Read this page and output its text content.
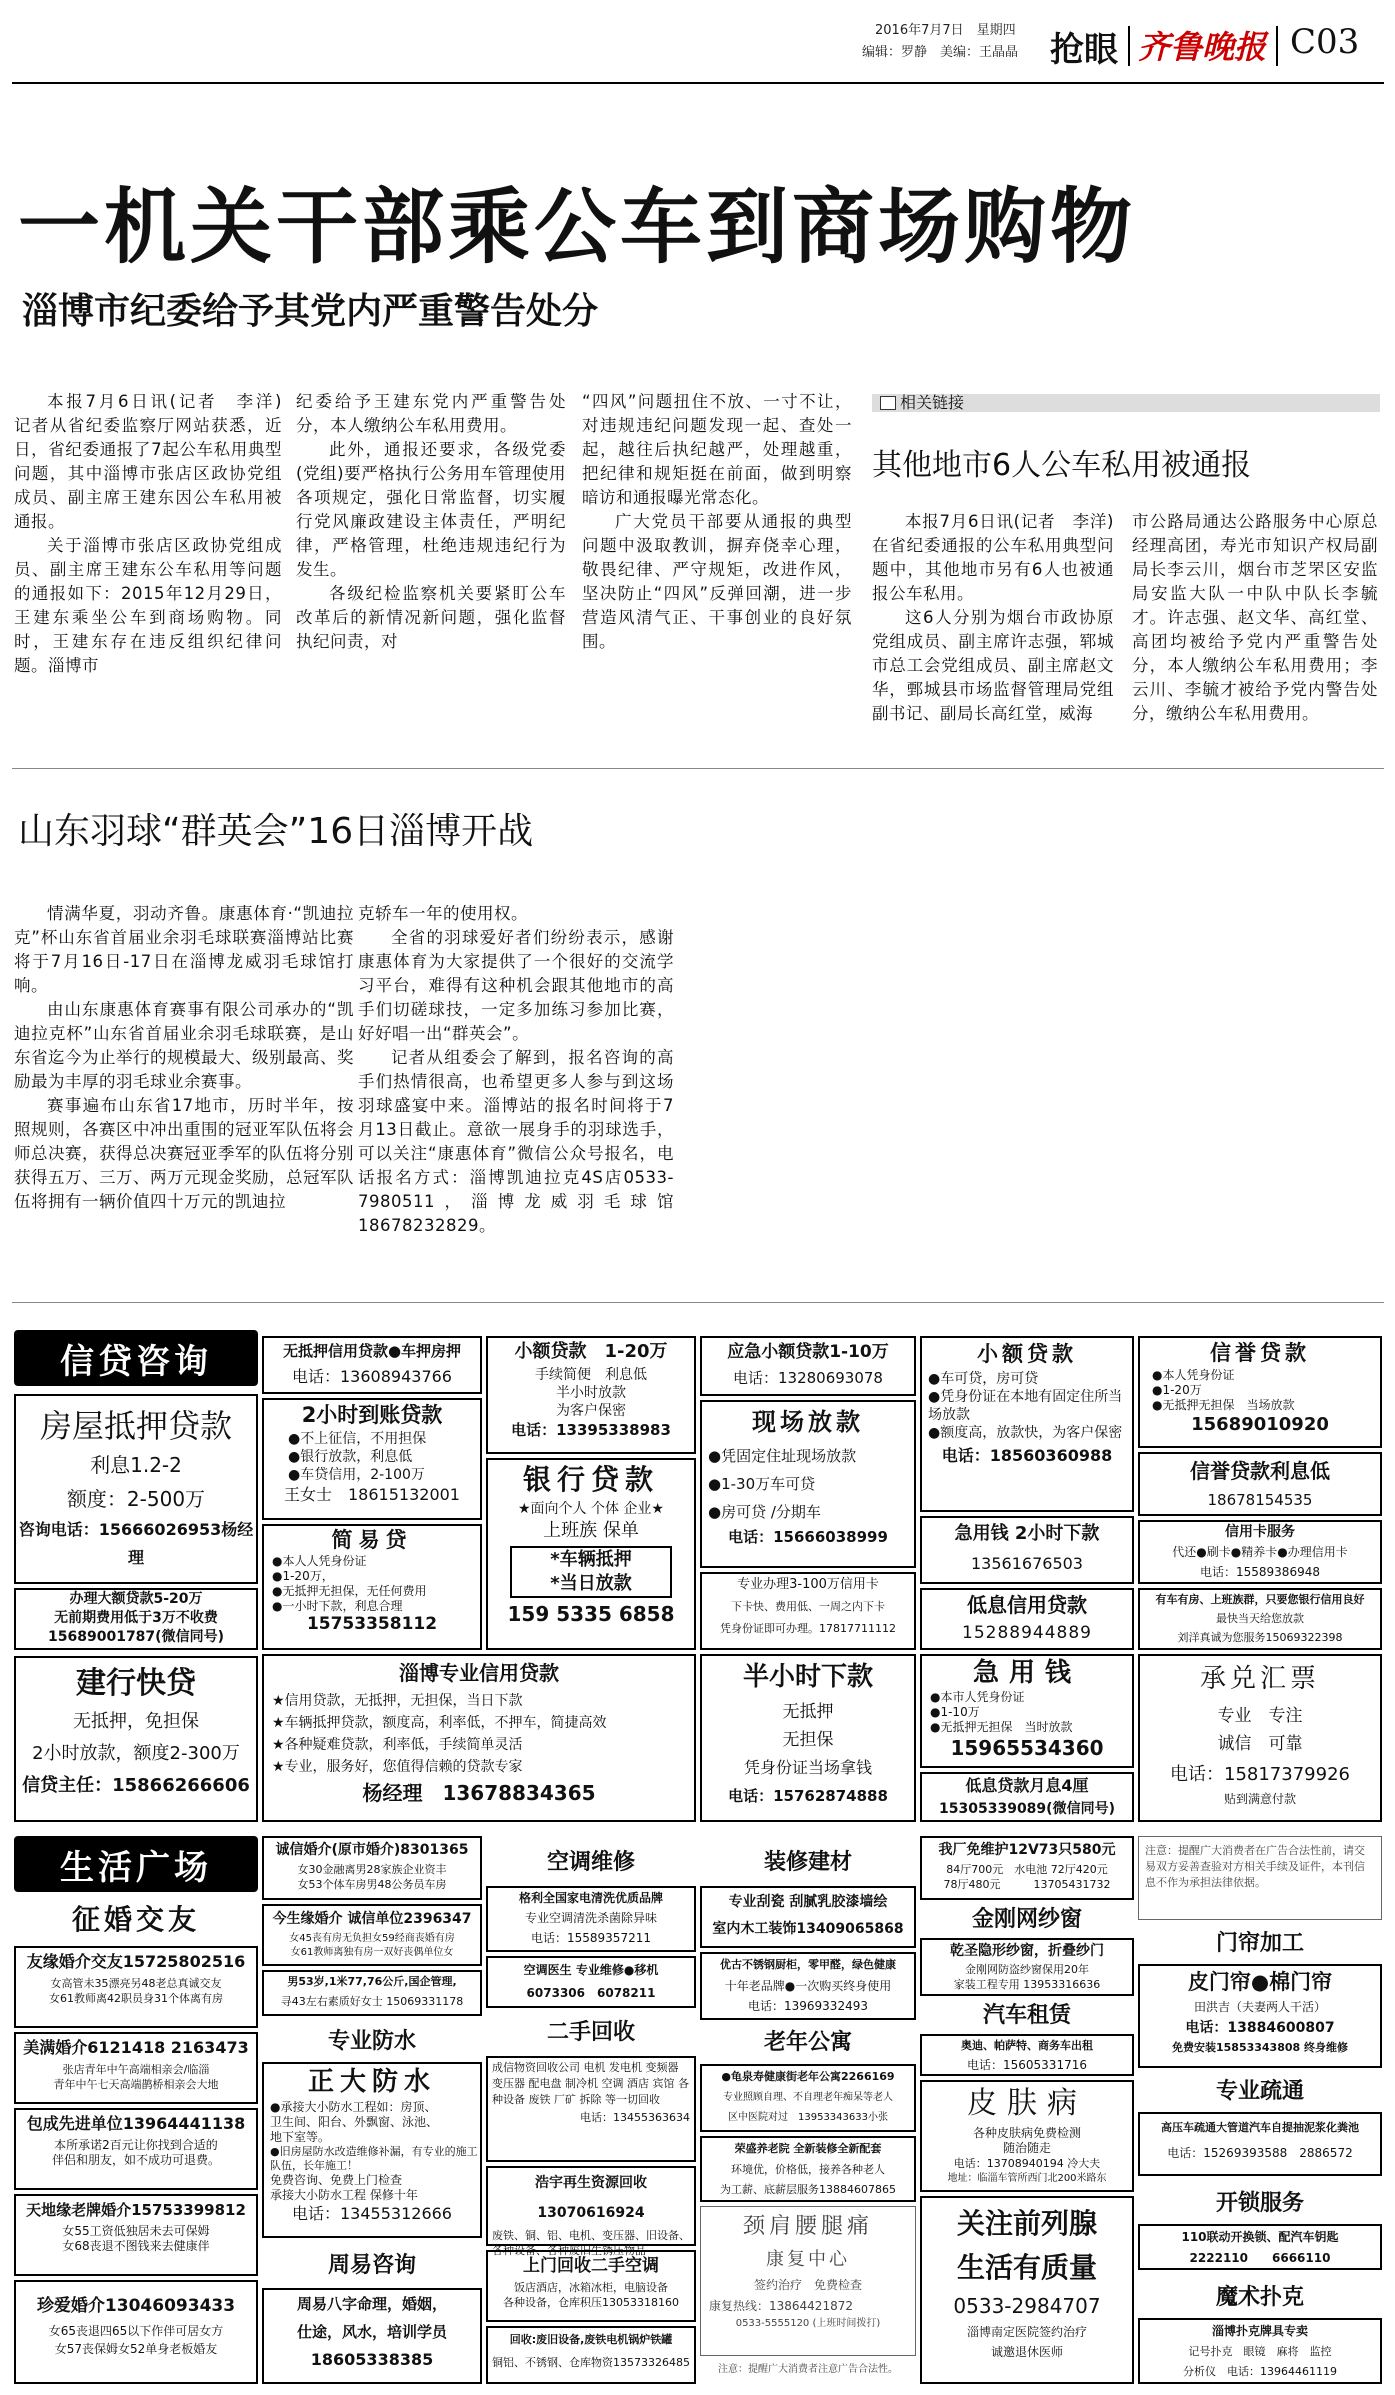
2016年7月7日　星期四
编辑：罗静　美编：王晶晶 抢眼 齐鲁晚报 C03
一机关干部乘公车到商场购物
淄博市纪委给予其党内严重警告处分

本报7月6日讯(记者　李洋)　记者从省纪委监察厅网站获悉，近日，省纪委通报了7起公车私用典型问题，其中淄博市张店区政协党组成员、副主席王建东因公车私用被通报。

关于淄博市张店区政协党组成员、副主席王建东公车私用等问题的通报如下：2015年12月29日，王建东乘坐公车到商场购物。同时，王建东存在违反组织纪律问题。淄博市

纪委给予王建东党内严重警告处分，本人缴纳公车私用费用。

此外，通报还要求，各级党委(党组)要严格执行公务用车管理使用各项规定，强化日常监督，切实履行党风廉政建设主体责任，严明纪律，严格管理，杜绝违规违纪行为发生。

各级纪检监察机关要紧盯公车改革后的新情况新问题，强化监督执纪问责，对

“四风”问题扭住不放、一寸不让，对违规违纪问题发现一起、查处一起，越往后执纪越严，处理越重，把纪律和规矩挺在前面，做到明察暗访和通报曝光常态化。

广大党员干部要从通报的典型问题中汲取教训，摒弃侥幸心理，敬畏纪律、严守规矩，改进作风，坚决防止“四风”反弹回潮，进一步营造风清气正、干事创业的良好氛围。

相关链接
其他地市6人公车私用被通报

本报7月6日讯(记者　李洋)　在省纪委通报的公车私用典型问题中，其他地市另有6人也被通报公车私用。

这6人分别为烟台市政协原党组成员、副主席许志强，郓城市总工会党组成员、副主席赵文华，鄄城县市场监督管理局党组副书记、副局长高红堂，威海

市公路局通达公路服务中心原总经理高团，寿光市知识产权局副局长李云川，烟台市芝罘区安监局安监大队一中队中队长李毓才。许志强、赵文华、高红堂、高团均被给予党内严重警告处分，本人缴纳公车私用费用；李云川、李毓才被给予党内警告处分，缴纳公车私用费用。

山东羽球“群英会”16日淄博开战

情满华夏，羽动齐鲁。康惠体育·“凯迪拉克”杯山东省首届业余羽毛球联赛淄博站比赛将于7月16日-17日在淄博龙威羽毛球馆打响。

由山东康惠体育赛事有限公司承办的“凯迪拉克杯”山东省首届业余羽毛球联赛，是山东省迄今为止举行的规模最大、级别最高、奖励最为丰厚的羽毛球业余赛事。

赛事遍布山东省17地市，历时半年，按照规则，各赛区中冲出重围的冠亚军队伍将会师总决赛，获得总决赛冠亚季军的队伍将分别获得五万、三万、两万元现金奖励，总冠军队伍将拥有一辆价值四十万元的凯迪拉

克轿车一年的使用权。

全省的羽球爱好者们纷纷表示，感谢康惠体育为大家提供了一个很好的交流学习平台，难得有这种机会跟其他地市的高手们切磋球技，一定多加练习参加比赛，好好唱一出“群英会”。

记者从组委会了解到，报名咨询的高手们热情很高，也希望更多人参与到这场羽球盛宴中来。淄博站的报名时间将于7月13日截止。意欲一展身手的羽球选手，可以关注“康惠体育”微信公众号报名，电话报名方式：淄博凯迪拉克4S店0533-7980511，淄博龙威羽毛球馆18678232829。

信贷咨询
房屋抵押贷款
利息1.2-2
额度：2-500万
咨询电话：15666026953杨经理
办理大额贷款5-20万
无前期费用低于3万不收费
15689001787(微信同号)
建行快贷
无抵押，免担保
2小时放款，额度2-300万
信贷主任：15866266606
无抵押信用贷款●车押房押
电话：13608943766
2小时到账贷款
●不上征信，不用担保
●银行放款，利息低
●车贷信用，2-100万
王女士　18615132001
简易贷
●本人人凭身份证
●1-20万，
●无抵押无担保，无任何费用
●一小时下款，利息合理
15753358112
小额贷款　1-20万
手续简便　利息低
半小时放款
为客户保密
电话：13395338983
银行贷款
★面向个人 个体 企业★
上班族 保单
*车辆抵押
*当日放款
159 5335 6858
应急小额贷款1-10万
电话：13280693078
现场放款
●凭固定住址现场放款
●1-30万车可贷
●房可贷 /分期车
电话：15666038999
专业办理3-100万信用卡
下卡快、费用低、一周之内下卡
凭身份证即可办理。17817711112
小额贷款
●车可贷，房可贷
●凭身份证在本地有固定住所当场放款
●额度高，放款快，为客户保密
电话：18560360988
急用钱 2小时下款
13561676503
低息信用贷款
15288944889
信誉贷款
●本人凭身份证
●1-20万
●无抵押无担保　当场放款
15689010920
信誉贷款利息低
18678154535
信用卡服务
代还●刷卡●精养卡●办理信用卡
电话：15589386948
有车有房、上班族群，只要您银行信用良好
最快当天给您放款
刘洋真诚为您服务15069322398
淄博专业信用贷款
★信用贷款，无抵押，无担保，当日下款
★车辆抵押贷款，额度高，利率低，不押车，简捷高效
★各种疑难贷款，利率低，手续简单灵活
★专业，服务好，您值得信赖的贷款专家
杨经理　13678834365
半小时下款
无抵押
无担保
凭身份证当场拿钱
电话：15762874888
急用钱
●本市人凭身份证
●1-10万
●无抵押无担保　当时放款
15965534360
低息贷款月息4厘
15305339089(微信同号)
承兑汇票
专业　专注
诚信　可靠
电话：15817379926
贴到满意付款
生活广场
征婚交友
友缘婚介交友15725802516
女高管未35漂亮另48老总真诚交友
女61教师离42职员身31个体离有房
美满婚介6121418 2163473
张店青年中午高端相亲会/临淄
青年中午七天高端鹊桥相亲会大地
包成先进单位13964441138
本所承诺2百元让你找到合适的
伴侣和朋友，如不成功可退费。
天地缘老牌婚介15753399812
女55工资低独居未去可保姆
女68丧退不图钱来去健康伴
珍爱婚介13046093433
女65丧退四65以下作伴可居女方
女57丧保姆女52单身老板婚友
诚信婚介(原市婚介)8301365
女30金融离男28家族企业资丰
女53个体车房男48公务员车房
今生缘婚介 诚信单位2396347
女45丧有房无负担女59经商丧婚有房
女61教师离独有房一双好丧偶单位女
男53岁,1米77,76公斤,国企管理,
寻43左右素质好女士 15069331178
专业防水
正大防水
●承接大小防水工程如：房顶、
卫生间、阳台、外飘窗、泳池、
地下室等。
●旧房屋防水改造维修补漏，有专业的施工队伍，长年施工！
免费咨询、免费上门检查
承接大小防水工程 保修十年
电话：13455312666
周易咨询
周易八字命理，婚姻，
仕途，风水，培训学员
18605338385
空调维修
格利全国家电清洗优质品牌
专业空调清洗杀菌除异味
电话：15589357211
空调医生 专业维修●移机
6073306　6078211
二手回收
成信物资回收公司 电机 发电机 变频器 变压器 配电盘 制冷机 空调 酒店 宾馆 各种设备 废铁 厂矿 拆除 等一切回收
电话：13455363634
浩宇再生资源回收13070616924
废铁、铜、铝、电机、变压器、旧设备、各种设备、各种废旧生锈压物品
上门回收二手空调
饭店酒店，冰箱冰柜，电脑设备
各种设备，仓库积压13053318160
回收:废旧设备,废铁电机锅炉铁罐
铜铝、不锈钢、仓库物资13573326485
装修建材
专业刮瓷 刮腻乳胶漆墙绘
室内木工装饰13409065868
优古不锈钢厨柜，零甲醛，绿色健康
十年老品牌●一次购买终身使用
电话：13969332493
老年公寓
●龟泉寿健康街老年公寓2266169
专业照顾自理、不自理老年痴呆等老人
区中医院对过　13953343633小张
荣盛养老院 全新装修全新配套
环境优，价格低，接养各种老人
为工薪、底薪层服务13884607865
颈肩腰腿痛
康复中心
签约治疗　免费检查
康复热线：13864421872
0533-5555120 (上班时间拨打)
注意：提醒广大消费者注意广告合法性。
我厂免维护12V73只580元
84厅700元　水电池 72厅420元
78厅480元　　　13705431732
金刚网纱窗
乾圣隐形纱窗，折叠纱门
金刚网防盗纱窗保用20年
家装工程专用 13953316636
汽车租赁
奥迪、帕萨特、商务车出租
电话：15605331716
皮肤病
各种皮肤病免费检测
随治随走
电话：13708940194 冷大夫
地址：临淄车管所西门北200米路东
关注前列腺
生活有质量
0533-2984707
淄博南定医院签约治疗
诚邀退休医师
注意：提醒广大消费者在广告合法性前，请交易双方妥善查验对方相关手续及证件，本刊信息不作为承担法律依据。
门帘加工
皮门帘●棉门帘
田洪吉（夫妻两人干活）
电话：13884600807
免费安装15853343808 终身维修
专业疏通
高压车疏通大管道汽车自提抽泥浆化粪池
电话：15269393588　2886572
开锁服务
110联动开换锁、配汽车钥匙
2222110　　6666110
魔术扑克
淄博扑克牌具专卖
记号扑克　眼镜　麻将　监控
分析仪　电话：13964461119
